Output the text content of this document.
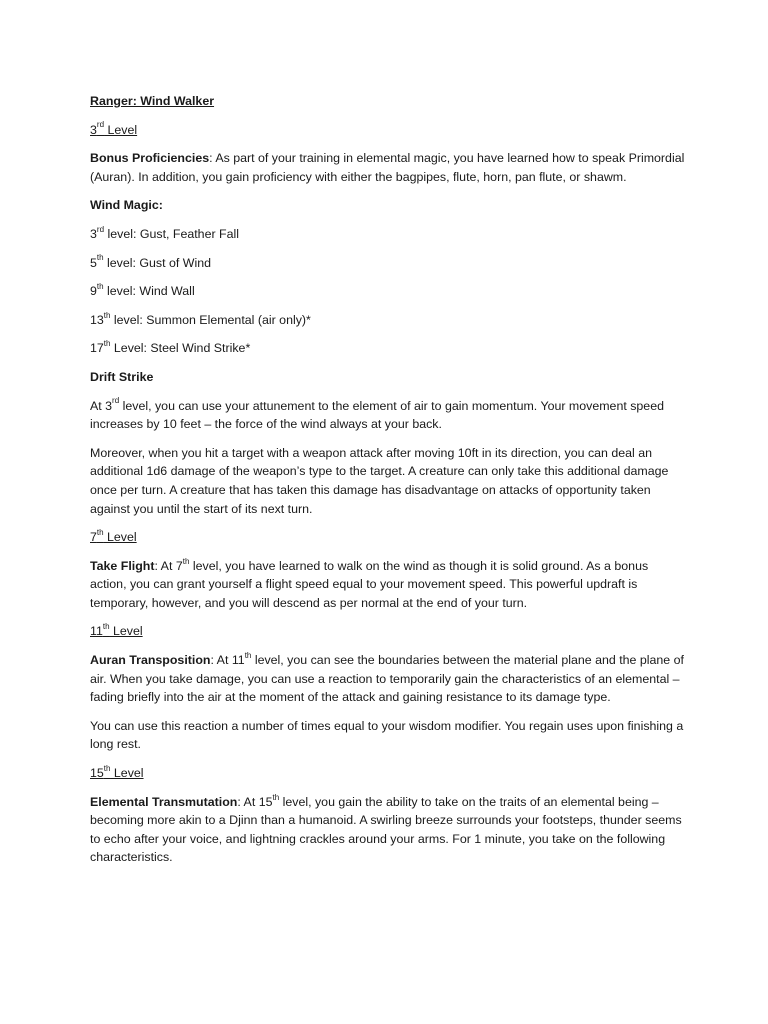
Ranger: Wind Walker

3rd Level

Bonus Proficiencies: As part of your training in elemental magic, you have learned how to speak Primordial (Auran). In addition, you gain proficiency with either the bagpipes, flute, horn, pan flute, or shawm.

Wind Magic:

3rd level: Gust, Feather Fall

5th level: Gust of Wind

9th level: Wind Wall

13th level: Summon Elemental (air only)*

17th Level: Steel Wind Strike*

Drift Strike

At 3rd level, you can use your attunement to the element of air to gain momentum. Your movement speed increases by 10 feet – the force of the wind always at your back.

Moreover, when you hit a target with a weapon attack after moving 10ft in its direction, you can deal an additional 1d6 damage of the weapon’s type to the target. A creature can only take this additional damage once per turn. A creature that has taken this damage has disadvantage on attacks of opportunity taken against you until the start of its next turn.

7th Level

Take Flight: At 7th level, you have learned to walk on the wind as though it is solid ground. As a bonus action, you can grant yourself a flight speed equal to your movement speed. This powerful updraft is temporary, however, and you will descend as per normal at the end of your turn.

11th Level

Auran Transposition: At 11th level, you can see the boundaries between the material plane and the plane of air. When you take damage, you can use a reaction to temporarily gain the characteristics of an elemental – fading briefly into the air at the moment of the attack and gaining resistance to its damage type.

You can use this reaction a number of times equal to your wisdom modifier. You regain uses upon finishing a long rest.

15th Level

Elemental Transmutation: At 15th level, you gain the ability to take on the traits of an elemental being – becoming more akin to a Djinn than a humanoid. A swirling breeze surrounds your footsteps, thunder seems to echo after your voice, and lightning crackles around your arms. For 1 minute, you take on the following characteristics.
